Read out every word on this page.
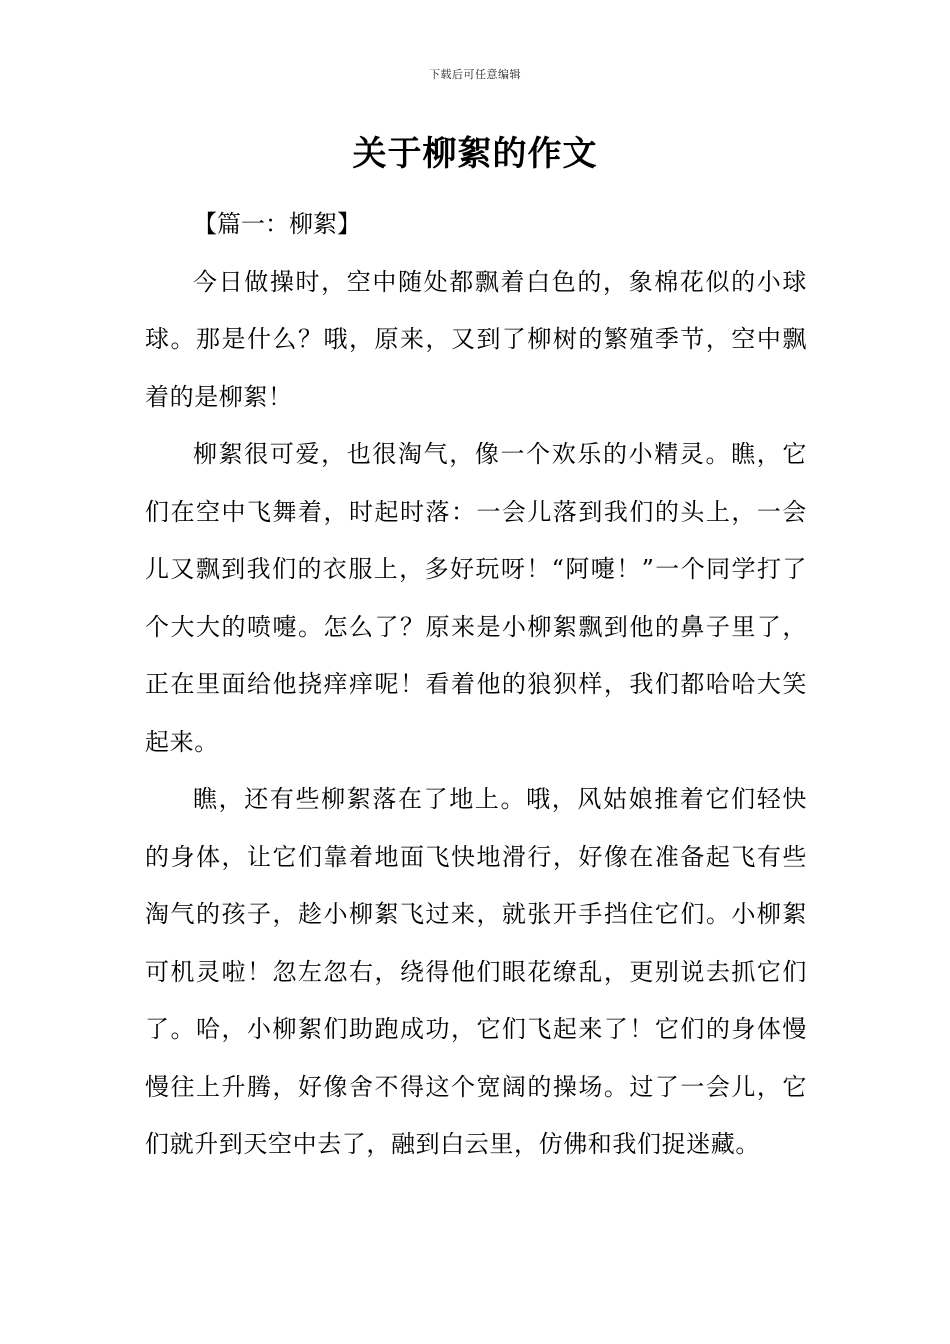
下载后可任意编辑
关于柳絮的作文

【篇一：柳絮】

今日做操时，空中随处都飘着白色的，象棉花似的小球球。那是什么？哦，原来，又到了柳树的繁殖季节，空中飘着的是柳絮！

柳絮很可爱，也很淘气，像一个欢乐的小精灵。瞧，它们在空中飞舞着，时起时落：一会儿落到我们的头上，一会儿又飘到我们的衣服上，多好玩呀！“阿嚏！”一个同学打了个大大的喷嚏。怎么了？原来是小柳絮飘到他的鼻子里了，正在里面给他挠痒痒呢！看着他的狼狈样，我们都哈哈大笑起来。

瞧，还有些柳絮落在了地上。哦，风姑娘推着它们轻快的身体，让它们靠着地面飞快地滑行，好像在准备起飞有些淘气的孩子，趁小柳絮飞过来，就张开手挡住它们。小柳絮可机灵啦！忽左忽右，绕得他们眼花缭乱，更别说去抓它们了。哈，小柳絮们助跑成功，它们飞起来了！它们的身体慢慢往上升腾，好像舍不得这个宽阔的操场。过了一会儿，它们就升到天空中去了，融到白云里，仿佛和我们捉迷藏。
